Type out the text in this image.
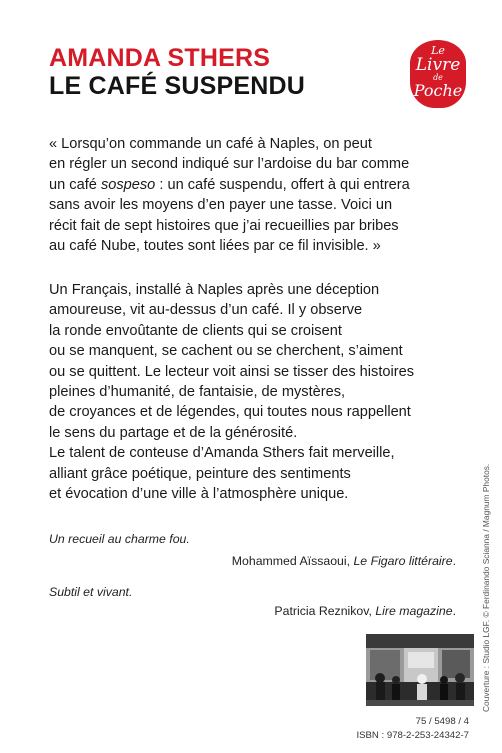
AMANDA STHERS
LE CAFÉ SUSPENDU
Le
Livre
de
Poche
« Lorsqu’on commande un café à Naples, on peut
en régler un second indiqué sur l’ardoise du bar comme
un café sospeso : un café suspendu, offert à qui entrera
sans avoir les moyens d’en payer une tasse. Voici un
récit fait de sept histoires que j’ai recueillies par bribes
au café Nube, toutes sont liées par ce fil invisible. »
Un Français, installé à Naples après une déception
amoureuse, vit au-dessus d’un café. Il y observe
la ronde envoûtante de clients qui se croisent
ou se manquent, se cachent ou se cherchent, s’aiment
ou se quittent. Le lecteur voit ainsi se tisser des histoires
pleines d’humanité, de fantaisie, de mystères,
de croyances et de légendes, qui toutes nous rappellent
le sens du partage et de la générosité.
Le talent de conteuse d’Amanda Sthers fait merveille,
alliant grâce poétique, peinture des sentiments
et évocation d’une ville à l’atmosphère unique.
Un recueil au charme fou.
Mohammed Aïssaoui, Le Figaro littéraire.
Subtil et vivant.
Patricia Reznikov, Lire magazine.	Couverture : Studio LGF. © Ferdinando Scianna / Magnum Photos.
75 / 5498 / 4
ISBN : 978-2-253-24342-7
